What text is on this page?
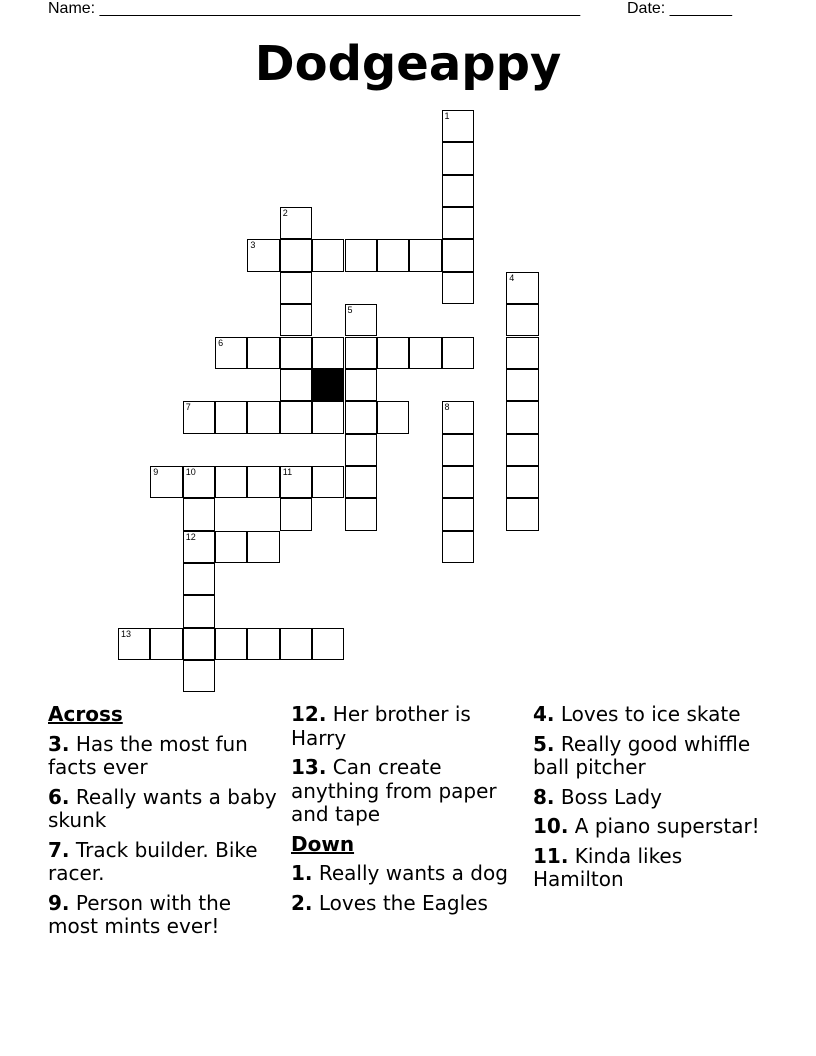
Name: ______________________________________________________	Date: _______
Dodgeappy
1
2
3
4
5
6
7	8
9	10	11
12
13
Across
3. Has the most fun facts ever
6. Really wants a baby skunk
7. Track builder. Bike racer.
9. Person with the most mints ever!
12. Her brother is Harry
13. Can create anything from paper and tape
Down
1. Really wants a dog
2. Loves the Eagles
4. Loves to ice skate
5. Really good whiffle ball pitcher
8. Boss Lady
10. A piano superstar!
11. Kinda likes Hamilton
